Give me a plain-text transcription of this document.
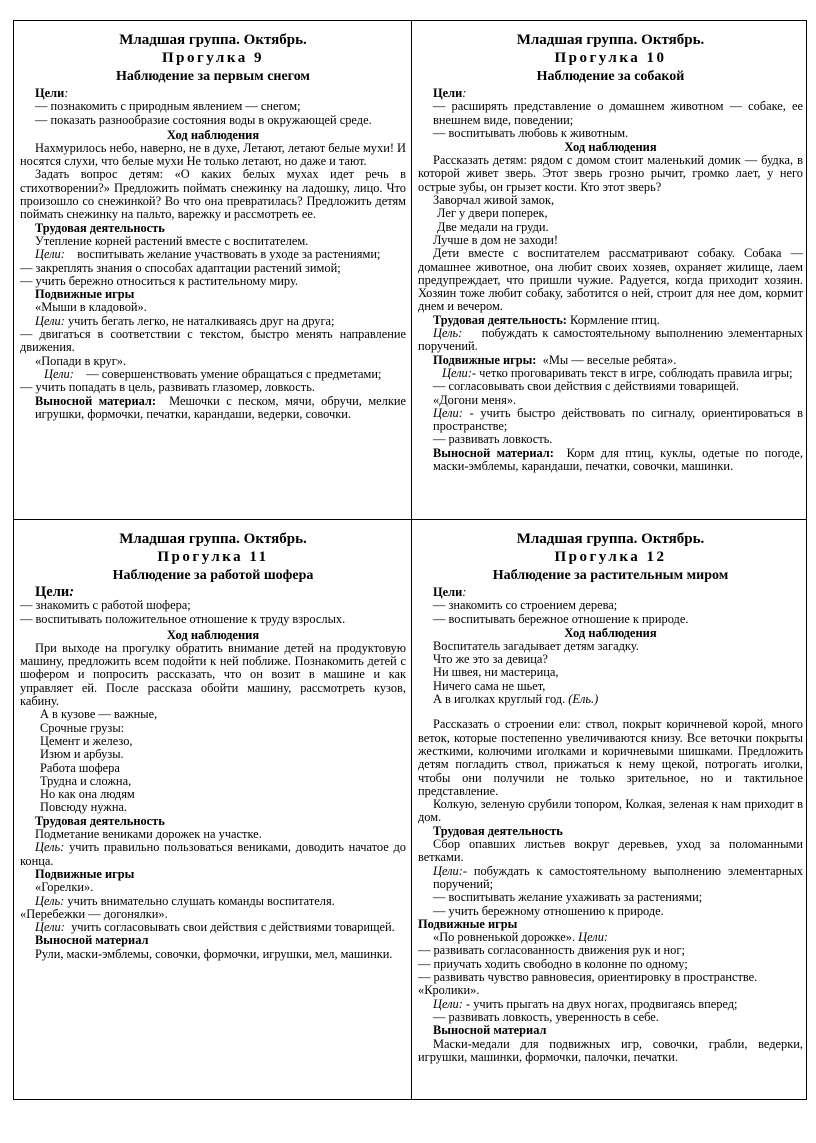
Младшая группа. Октябрь.
Прогулка 9
Наблюдение за первым снегом

Цели:

— познакомить с природным явлением — снегом;

— показать разнообразие состояния воды в окружающей среде.

Ход наблюдения

Нахмурилось небо, наверно, не в духе, Летают, летают белые мухи! И носятся слухи, что белые мухи Не только летают, но даже и тают.

Задать вопрос детям: «О каких белых мухах идет речь в стихотворении?» Предложить поймать снежинку на ладошку, лицо. Что произошло со снежинкой? Во что она превратилась? Предложить детям поймать снежинку на пальто, варежку и рассмотреть ее.

Трудовая деятельность

Утепление корней растений вместе с воспитателем.

Цели: воспитывать желание участвовать в уходе за растениями;

— закреплять знания о способах адаптации растений зимой;

— учить бережно относиться к растительному миру.

Подвижные игры

«Мыши в кладовой».

Цели: учить бегать легко, не наталкиваясь друг на друга;

— двигаться в соответствии с текстом, быстро менять направление движения.

«Попади в круг».

Цели: — совершенствовать умение обращаться с предметами;

— учить попадать в цель, развивать глазомер, ловкость.

Выносной материал: Мешочки с песком, мячи, обручи, мелкие игрушки, формочки, печатки, карандаши, ведерки, совочки.

Младшая группа. Октябрь.
Прогулка 10
Наблюдение за собакой

Цели:

— расширять представление о домашнем животном — собаке, ее внешнем виде, поведении;

— воспитывать любовь к животным.

Ход наблюдения

Рассказать детям: рядом с домом стоит маленький домик — будка, в которой живет зверь. Этот зверь грозно рычит, громко лает, у него острые зубы, он грызет кости. Кто этот зверь?

Заворчал живой замок,
Лег у двери поперек,
Две медали на груди.
Лучше в дом не заходи!

Дети вместе с воспитателем рассматривают собаку. Собака — домашнее животное, она любит своих хозяев, охраняет жилище, лаем предупреждает, что пришли чужие. Радуется, когда приходит хозяин. Хозяин тоже любит собаку, заботится о ней, строит для нее дом, кормит днем и вечером.

Трудовая деятельность: Кормление птиц.

Цель: побуждать к самостоятельному выполнению элементарных поручений.

Подвижные игры: «Мы — веселые ребята».

Цели:- четко проговаривать текст в игре, соблюдать правила игры;

— согласовывать свои действия с действиями товарищей.

«Догони меня».

Цели: - учить быстро действовать по сигналу, ориентироваться в пространстве;

— развивать ловкость.

Выносной материал: Корм для птиц, куклы, одетые по погоде, маски-эмблемы, карандаши, печатки, совочки, машинки.

Младшая группа. Октябрь.
Прогулка 11
Наблюдение за работой шофера

Цели:

— знакомить с работой шофера;

— воспитывать положительное отношение к труду взрослых.

Ход наблюдения

При выходе на прогулку обратить внимание детей на продуктовую машину, предложить всем подойти к ней поближе. Познакомить детей с шофером и попросить рассказать, что он возит в машине и как управляет ей. После рассказа обойти машину, рассмотреть кузов, кабину.

А в кузове — важные,
Срочные грузы:
Цемент и железо,
Изюм и арбузы.
Работа шофера
Трудна и сложна,
Но как она людям
Повсюду нужна.

Трудовая деятельность

Подметание вениками дорожек на участке.

Цель: учить правильно пользоваться вениками, доводить начатое до конца.

Подвижные игры

«Горелки».

Цель: учить внимательно слушать команды воспитателя.

«Перебежки — догонялки».

Цели: учить согласовывать свои действия с действиями товарищей.

Выносной материал

Рули, маски-эмблемы, совочки, формочки, игрушки, мел, машинки.

Младшая группа. Октябрь.
Прогулка 12
Наблюдение за растительным миром

Цели:

— знакомить со строением дерева;

— воспитывать бережное отношение к природе.

Ход наблюдения

Воспитатель загадывает детям загадку.

Что же это за девица?
Ни швея, ни мастерица,
Ничего сама не шьет,
А в иголках круглый год. (Ель.)

Рассказать о строении ели: ствол, покрыт коричневой корой, много веток, которые постепенно увеличиваются книзу. Все веточки покрыты жесткими, колючими иголками и коричневыми шишками. Предложить детям погладить ствол, прижаться к нему щекой, потрогать иголки, чтобы они получили не только зрительное, но и тактильное представление.

Колкую, зеленую срубили топором, Колкая, зеленая к нам приходит в дом.

Трудовая деятельность

Сбор опавших листьев вокруг деревьев, уход за поломанными ветками.

Цели:- побуждать к самостоятельному выполнению элементарных поручений;

— воспитывать желание ухаживать за растениями;

— учить бережному отношению к природе.

Подвижные игры

«По ровненькой дорожке». Цели:

— развивать согласованность движения рук и ног;

— приучать ходить свободно в колонне по одному;

— развивать чувство равновесия, ориентировку в пространстве.

«Кролики».

Цели: - учить прыгать на двух ногах, продвигаясь вперед;

— развивать ловкость, уверенность в себе.

Выносной материал

Маски-медали для подвижных игр, совочки, грабли, ведерки, игрушки, машинки, формочки, палочки, печатки.
